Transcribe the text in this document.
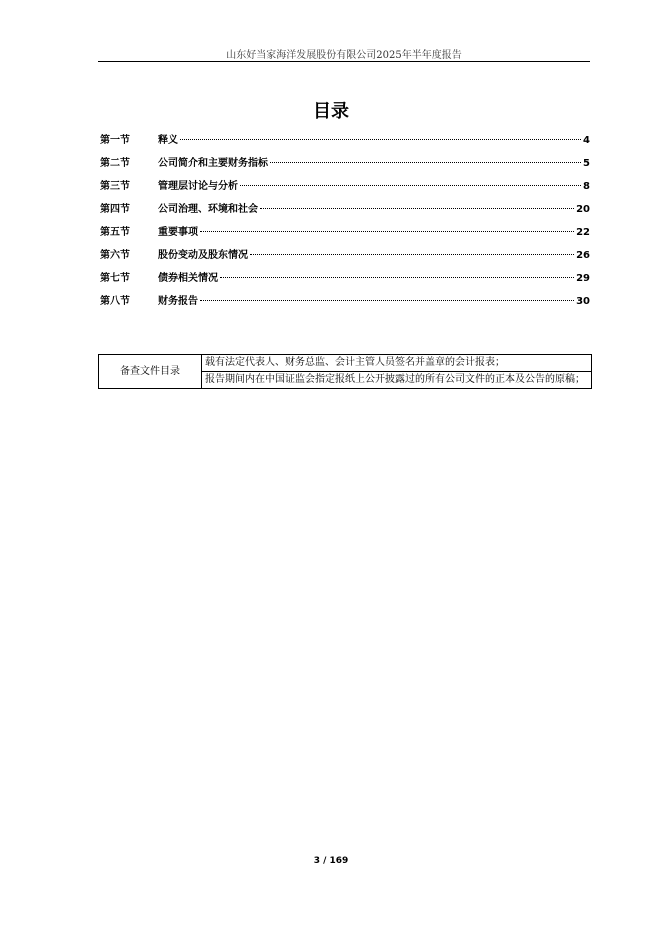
山东好当家海洋发展股份有限公司2025年半年度报告
目录
第一节	释义	4
第二节	公司简介和主要财务指标	5
第三节	管理层讨论与分析	8
第四节	公司治理、环境和社会	20
第五节	重要事项	22
第六节	股份变动及股东情况	26
第七节	债券相关情况	29
第八节	财务报告	30
备查文件目录	载有法定代表人、财务总监、会计主管人员签名并盖章的会计报表；
报告期间内在中国证监会指定报纸上公开披露过的所有公司文件的正本及公告的原稿；
3 / 169
